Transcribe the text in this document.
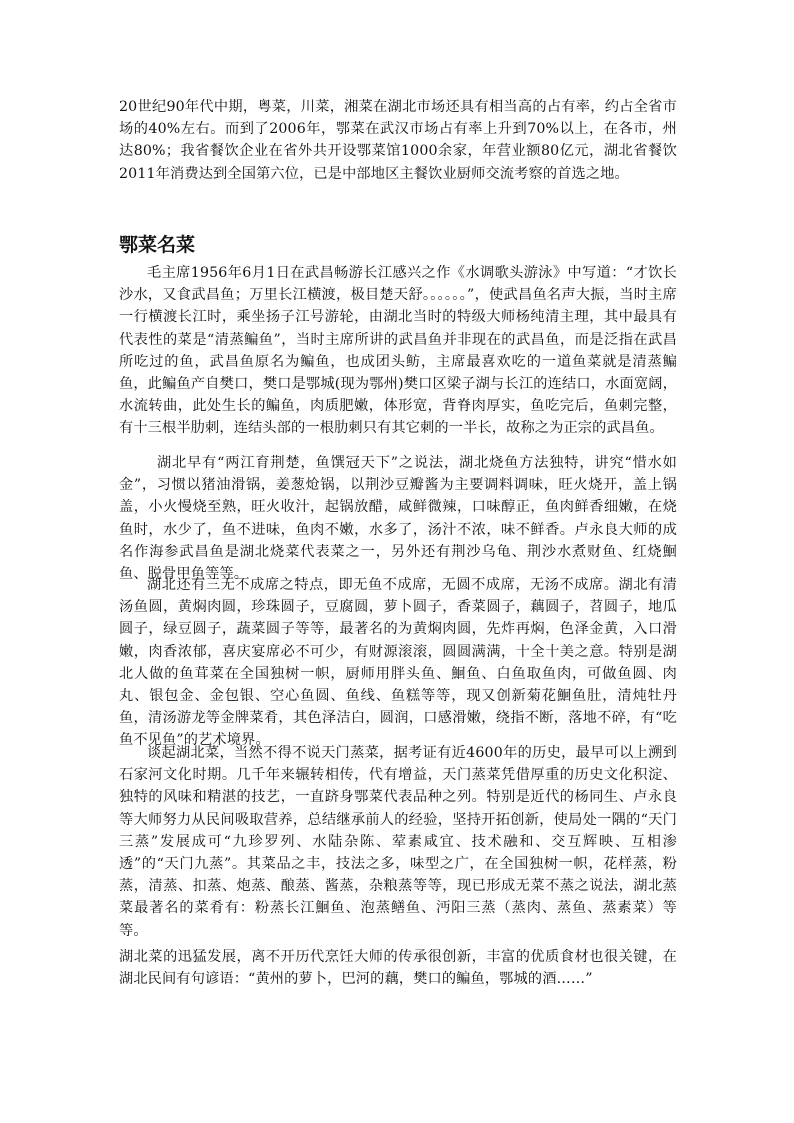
20世纪90年代中期，粤菜，川菜，湘菜在湖北市场还具有相当高的占有率，约占全省市场的40%左右。而到了2006年，鄂菜在武汉市场占有率上升到70%以上，在各市，州达80%；我省餐饮企业在省外共开设鄂菜馆1000余家，年营业额80亿元，湖北省餐饮2011年消费达到全国第六位，已是中部地区主餐饮业厨师交流考察的首选之地。

鄂菜名菜

毛主席1956年6月1日在武昌畅游长江感兴之作《水调歌头游泳》中写道：“才饮长沙水，又食武昌鱼；万里长江横渡，极目楚天舒。。。。。。”，使武昌鱼名声大振，当时主席一行横渡长江时，乘坐扬子江号游轮，由湖北当时的特级大师杨纯清主理，其中最具有代表性的菜是“清蒸鳊鱼”，当时主席所讲的武昌鱼并非现在的武昌鱼，而是泛指在武昌所吃过的鱼，武昌鱼原名为鳊鱼，也成团头鲂，主席最喜欢吃的一道鱼菜就是清蒸鳊鱼，此鳊鱼产自樊口，樊口是鄂城(现为鄂州)樊口区梁子湖与长江的连结口，水面宽阔，水流转曲，此处生长的鳊鱼，肉质肥嫩，体形宽，背脊肉厚实，鱼吃完后，鱼刺完整，有十三根半肋刺，连结头部的一根肋刺只有其它刺的一半长，故称之为正宗的武昌鱼。

湖北早有“两江育荆楚，鱼馔冠天下”之说法，湖北烧鱼方法独特，讲究“惜水如金”，习惯以猪油滑锅，姜葱炝锅，以荆沙豆瓣酱为主要调料调味，旺火烧开，盖上锅盖，小火慢烧至熟，旺火收汁，起锅放醋，咸鲜微辣，口味醇正，鱼肉鲜香细嫩，在烧鱼时，水少了，鱼不进味，鱼肉不嫩，水多了，汤汁不浓，味不鲜香。卢永良大师的成名作海参武昌鱼是湖北烧菜代表菜之一，另外还有荆沙乌龟、荆沙水煮财鱼、红烧鮰鱼、脱骨甲鱼等等。

湖北还有三无不成席之特点，即无鱼不成席，无圆不成席，无汤不成席。湖北有清汤鱼圆，黄焖肉圆，珍珠圆子，豆腐圆，萝卜圆子，香菜圆子，藕圆子，苕圆子，地瓜圆子，绿豆圆子，蔬菜圆子等等，最著名的为黄焖肉圆，先炸再焖，色泽金黄，入口滑嫩，肉香浓郁，喜庆宴席必不可少，有财源滚滚，圆圆满满，十全十美之意。特别是湖北人做的鱼茸菜在全国独树一帜，厨师用胖头鱼、鮰鱼、白鱼取鱼肉，可做鱼圆、肉丸、银包金、金包银、空心鱼圆、鱼线、鱼糕等等，现又创新菊花鮰鱼肚，清炖牡丹鱼，清汤游龙等金牌菜肴，其色泽洁白，圆润，口感滑嫩，绕指不断，落地不碎，有“吃鱼不见鱼”的艺术境界。

谈起湖北菜，当然不得不说天门蒸菜，据考证有近4600年的历史，最早可以上溯到石家河文化时期。几千年来辗转相传，代有增益，天门蒸菜凭借厚重的历史文化积淀、独特的风味和精湛的技艺，一直跻身鄂菜代表品种之列。特别是近代的杨同生、卢永良等大师努力从民间吸取营养，总结继承前人的经验，坚持开拓创新，使局处一隅的“天门三蒸”发展成可“九珍罗列、水陆杂陈、荤素咸宜、技术融和、交互辉映、互相渗透”的“天门九蒸”。其菜品之丰，技法之多，味型之广，在全国独树一帜，花样蒸，粉蒸，清蒸、扣蒸、炮蒸、酿蒸、酱蒸，杂粮蒸等等，现已形成无菜不蒸之说法，湖北蒸菜最著名的菜肴有：粉蒸长江鮰鱼、泡蒸鳝鱼、沔阳三蒸（蒸肉、蒸鱼、蒸素菜）等等。

湖北菜的迅猛发展，离不开历代烹饪大师的传承很创新，丰富的优质食材也很关键，在湖北民间有句谚语：“黄州的萝卜，巴河的藕，樊口的鳊鱼，鄂城的酒……”
